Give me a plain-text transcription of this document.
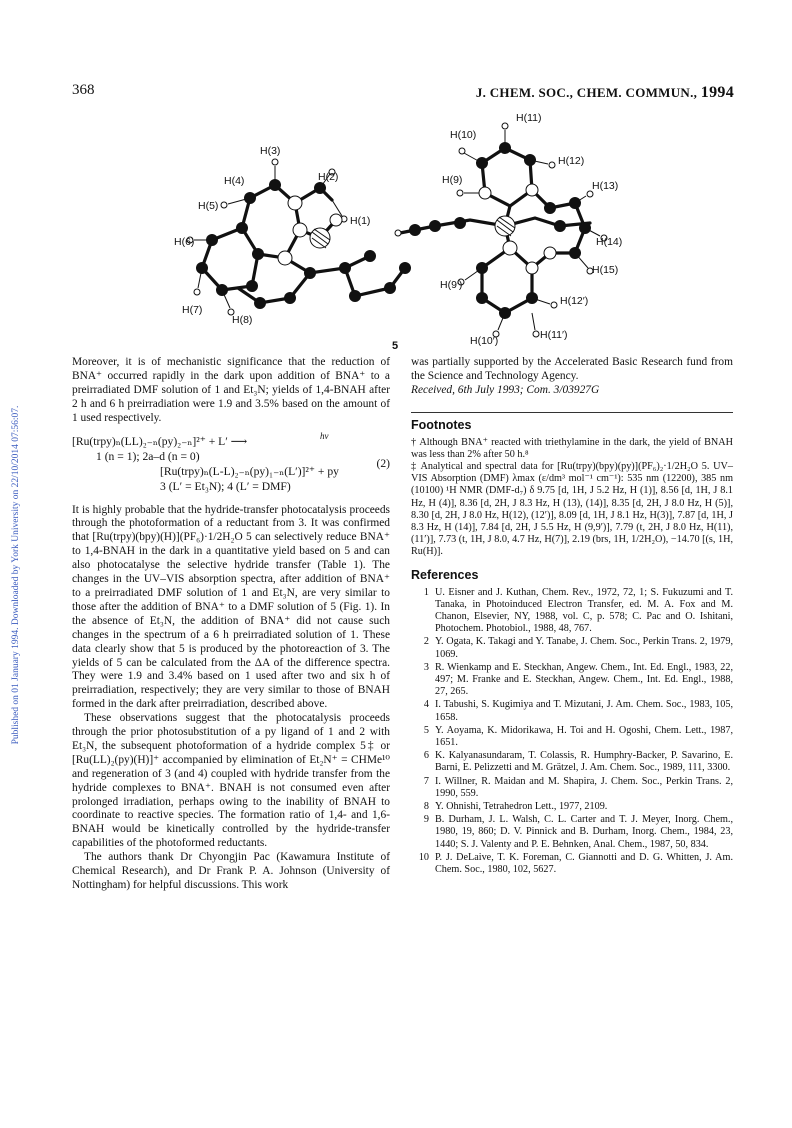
Published on 01 January 1994. Downloaded by York University on 22/10/2014 07:56:07.
368	J. CHEM. SOC., CHEM. COMMUN., 1994
H(3)
H(4)	H(2)
H(5)
H(1)
H(6)
H(7)
H(8)
H(11)
H(10)
H(12)
H(9)	H(13)
H(14)
H(15)
H(9′)
H(12′)
H(10′)	H(11′)
5

Moreover, it is of mechanistic significance that the reduction of BNA⁺ occurred rapidly in the dark upon addition of BNA⁺ to a preirradiated DMF solution of 1 and Et₃N; yields of 1,4-BNAH after 2 h and 6 h preirradiation were 1.9 and 3.5% based on the amount of 1 used respectively.

hν
[Ru(trpy)ₙ(LL)₂₋ₙ(py)₂₋ₙ]²⁺ + L′ ⟶
1 (n = 1); 2a–d (n = 0)
[Ru(trpy)ₙ(L-L)₂₋ₙ(py)₁₋ₙ(L′)]²⁺ + py
3 (L′ = Et₃N); 4 (L′ = DMF)
(2)

It is highly probable that the hydride-transfer photocatalysis proceeds through the photoformation of a reductant from 3. It was confirmed that [Ru(trpy)(bpy)(H)](PF₆)·1/2H₂O 5 can selectively reduce BNA⁺ to 1,4-BNAH in the dark in a quantitative yield based on 5 and can also photocatalyse the selective hydride transfer (Table 1). The changes in the UV–VIS absorption spectra, after addition of BNA⁺ to a preirradiated DMF solution of 1 and Et₃N, are very similar to those after the addition of BNA⁺ to a DMF solution of 5 (Fig. 1). In the absence of Et₃N, the addition of BNA⁺ did not cause such changes in the spectrum of a 6 h preirradiated solution of 1. These data clearly show that 5 is produced by the photoreaction of 3. The yields of 5 can be calculated from the ΔA of the difference spectra. They were 1.9 and 3.4% based on 1 used after two and six h of preirradiation, respectively; they are very similar to those of BNAH formed in the dark after preirradiation, described above.

These observations suggest that the photocatalysis proceeds through the prior photosubstitution of a py ligand of 1 and 2 with Et₃N, the subsequent photoformation of a hydride complex 5‡ or [Ru(LL)₂(py)(H)]⁺ accompanied by elimination of Et₂N⁺ = CHMe¹⁰ and regeneration of 3 (and 4) coupled with hydride transfer from the hydride complexes to BNA⁺. BNAH is not consumed even after prolonged irradiation, perhaps owing to the inability of BNAH to coordinate to reactive species. The formation ratio of 1,4- and 1,6-BNAH would be kinetically controlled by the hydride-transfer capabilities of the photoformed reductants.

The authors thank Dr Chyongjin Pac (Kawamura Institute of Chemical Research), and Dr Frank P. A. Johnson (University of Nottingham) for helpful discussions. This work

was partially supported by the Accelerated Basic Research fund from the Science and Technology Agency.

Received, 6th July 1993; Com. 3/03927G

Footnotes

† Although BNA⁺ reacted with triethylamine in the dark, the yield of BNAH was less than 2% after 50 h.⁸

‡ Analytical and spectral data for [Ru(trpy)(bpy)(py)](PF₆)₂·1/2H₂O 5. UV–VIS Absorption (DMF) λmax (ε/dm³ mol⁻¹ cm⁻¹): 535 nm (12200), 385 nm (10100) ¹H NMR (DMF-d₇) δ 9.75 [d, 1H, J 5.2 Hz, H (1)], 8.56 [d, 1H, J 8.1 Hz, H (4)], 8.36 [d, 2H, J 8.3 Hz, H (13), (14)], 8.35 [d, 2H, J 8.0 Hz, H (5)], 8.30 [d, 2H, J 8.0 Hz, H(12), (12′)], 8.09 [d, 1H, J 8.1 Hz, H(3)], 7.87 [d, 1H, J 8.3 Hz, H (14)], 7.84 [d, 2H, J 5.5 Hz, H (9,9′)], 7.79 (t, 2H, J 8.0 Hz, H(11), (11′)], 7.73 (t, 1H, J 8.0, 4.7 Hz, H(7)], 2.19 (brs, 1H, 1/2H₂O), −14.70 [(s, 1H, Ru(H)].

References
1 U. Eisner and J. Kuthan, Chem. Rev., 1972, 72, 1; S. Fukuzumi and T. Tanaka, in Photoinduced Electron Transfer, ed. M. A. Fox and M. Chanon, Elsevier, NY, 1988, vol. C, p. 578; C. Pac and O. Ishitani, Photochem. Photobiol., 1988, 48, 767.
2 Y. Ogata, K. Takagi and Y. Tanabe, J. Chem. Soc., Perkin Trans. 2, 1979, 1069.
3 R. Wienkamp and E. Steckhan, Angew. Chem., Int. Ed. Engl., 1983, 22, 497; M. Franke and E. Steckhan, Angew. Chem., Int. Ed. Engl., 1988, 27, 265.
4 I. Tabushi, S. Kugimiya and T. Mizutani, J. Am. Chem. Soc., 1983, 105, 1658.
5 Y. Aoyama, K. Midorikawa, H. Toi and H. Ogoshi, Chem. Lett., 1987, 1651.
6 K. Kalyanasundaram, T. Colassis, R. Humphry-Backer, P. Savarino, E. Barni, E. Pelizzetti and M. Grätzel, J. Am. Chem. Soc., 1989, 111, 3300.
7 I. Willner, R. Maidan and M. Shapira, J. Chem. Soc., Perkin Trans. 2, 1990, 559.
8 Y. Ohnishi, Tetrahedron Lett., 1977, 2109.
9 B. Durham, J. L. Walsh, C. L. Carter and T. J. Meyer, Inorg. Chem., 1980, 19, 860; D. V. Pinnick and B. Durham, Inorg. Chem., 1984, 23, 1440; S. J. Valenty and P. E. Behnken, Anal. Chem., 1987, 50, 834.
10 P. J. DeLaive, T. K. Foreman, C. Giannotti and D. G. Whitten, J. Am. Chem. Soc., 1980, 102, 5627.
